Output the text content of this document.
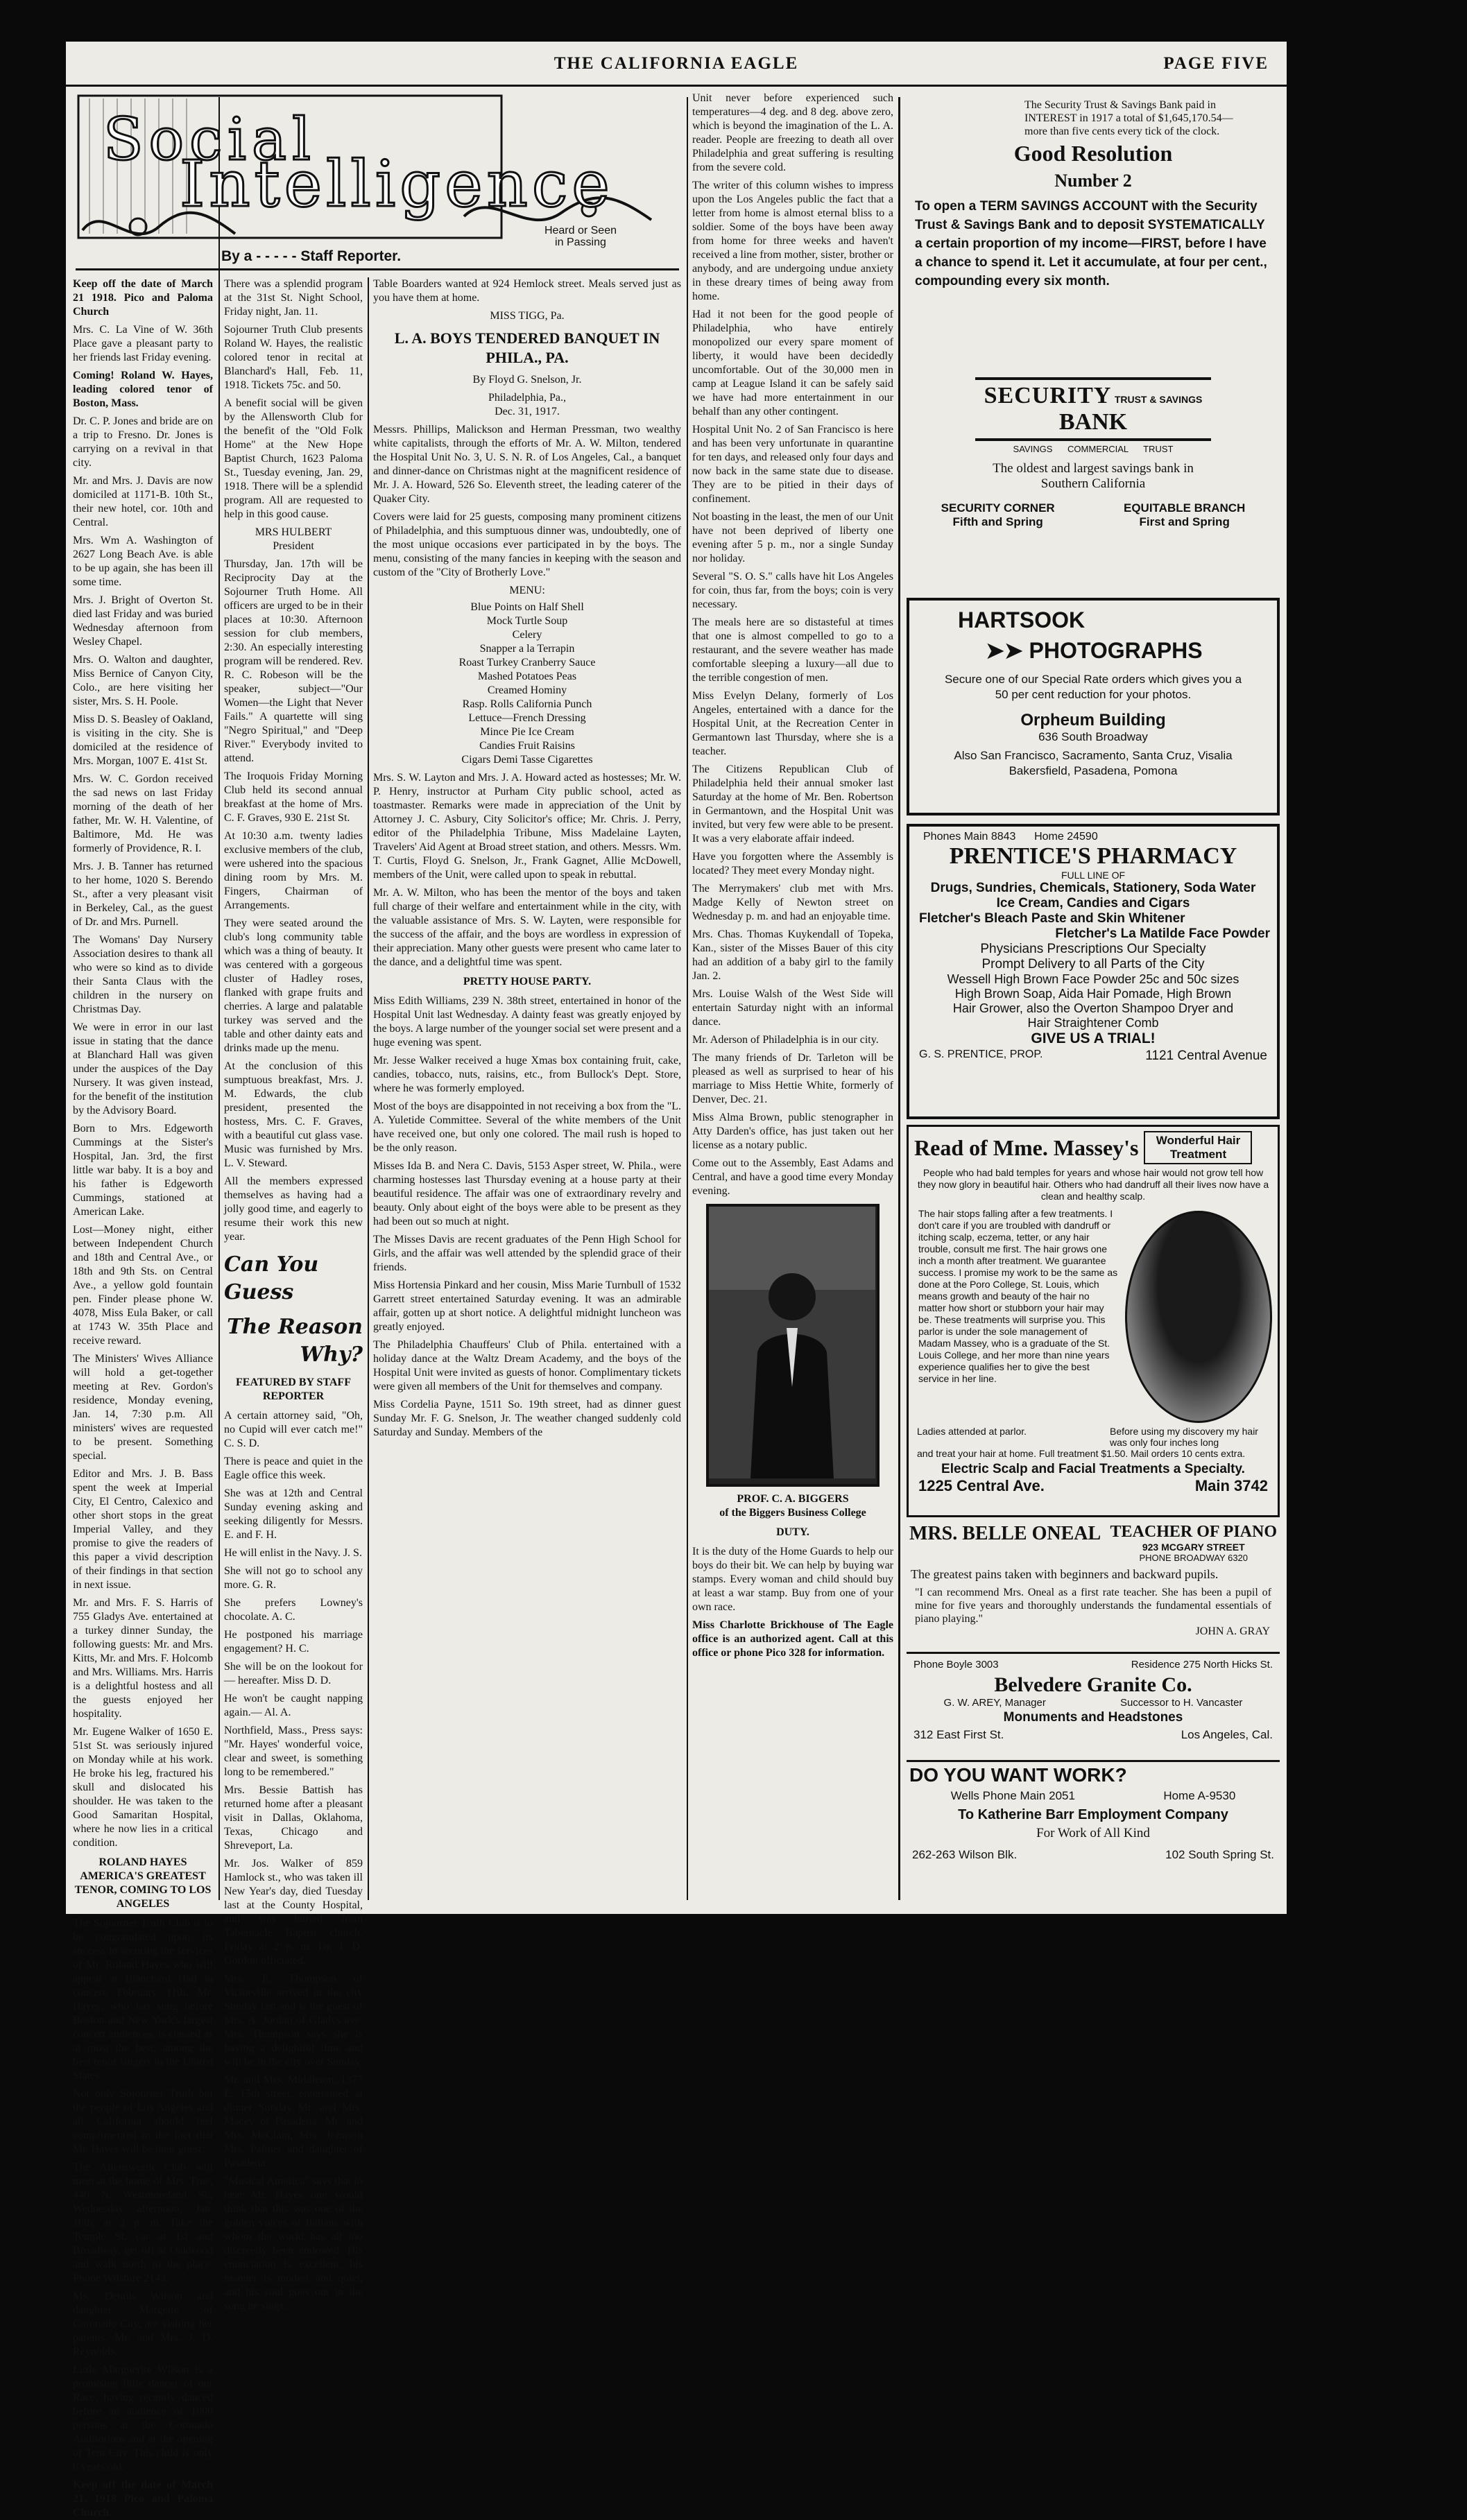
THE CALIFORNIA EAGLE	PAGE FIVE
Social
Intelligence
Heard or Seen
in Passing
By a - - - - - Staff Reporter.

Keep off the date of March 21 1918. Pico and Paloma Church

Mrs. C. La Vine of W. 36th Place gave a pleasant party to her friends last Friday evening.

Coming! Roland W. Hayes, leading colored tenor of Boston, Mass.

Dr. C. P. Jones and bride are on a trip to Fresno. Dr. Jones is carrying on a revival in that city.

Mr. and Mrs. J. Davis are now domiciled at 1171-B. 10th St., their new hotel, cor. 10th and Central.

Mrs. Wm A. Washington of 2627 Long Beach Ave. is able to be up again, she has been ill some time.

Mrs. J. Bright of Overton St. died last Friday and was buried Wednesday afternoon from Wesley Chapel.

Mrs. O. Walton and daughter, Miss Bernice of Canyon City, Colo., are here visiting her sister, Mrs. S. H. Poole.

Miss D. S. Beasley of Oakland, is visiting in the city. She is domiciled at the residence of Mrs. Morgan, 1007 E. 41st St.

Mrs. W. C. Gordon received the sad news on last Friday morning of the death of her father, Mr. W. H. Valentine, of Baltimore, Md. He was formerly of Providence, R. I.

Mrs. J. B. Tanner has returned to her home, 1020 S. Berendo St., after a very pleasant visit in Berkeley, Cal., as the guest of Dr. and Mrs. Purnell.

The Womans' Day Nursery Association desires to thank all who were so kind as to divide their Santa Claus with the children in the nursery on Christmas Day.

We were in error in our last issue in stating that the dance at Blanchard Hall was given under the auspices of the Day Nursery. It was given instead, for the benefit of the institution by the Advisory Board.

Born to Mrs. Edgeworth Cummings at the Sister's Hospital, Jan. 3rd, the first little war baby. It is a boy and his father is Edgeworth Cummings, stationed at American Lake.

Lost—Money night, either between Independent Church and 18th and Central Ave., or 18th and 9th Sts. on Central Ave., a yellow gold fountain pen. Finder please phone W. 4078, Miss Eula Baker, or call at 1743 W. 35th Place and receive reward.

The Ministers' Wives Alliance will hold a get-together meeting at Rev. Gordon's residence, Monday evening, Jan. 14, 7:30 p.m. All ministers' wives are requested to be present. Something special.

Editor and Mrs. J. B. Bass spent the week at Imperial City, El Centro, Calexico and other short stops in the great Imperial Valley, and they promise to give the readers of this paper a vivid description of their findings in that section in next issue.

Mr. and Mrs. F. S. Harris of 755 Gladys Ave. entertained at a turkey dinner Sunday, the following guests: Mr. and Mrs. Kitts, Mr. and Mrs. F. Holcomb and Mrs. Williams. Mrs. Harris is a delightful hostess and all the guests enjoyed her hospitality.

Mr. Eugene Walker of 1650 E. 51st St. was seriously injured on Monday while at his work. He broke his leg, fractured his skull and dislocated his shoulder. He was taken to the Good Samaritan Hospital, where he now lies in a critical condition.

ROLAND HAYES AMERICA'S GREATEST TENOR, COMING TO LOS ANGELES

The Sojourner Truth Club is to be congratulated upon its success in securing the services of Mr. Roland Hayes who will appear at Blanchard Hall in concert, February 11th. Mr. Hayes, who has sung before Boston and New York's largest concert audiences, is classed as at most the best, among the best tenor singers in the United States.

Not only Sojourner Truth but the people of Los Angeles and all California should feel complimented in the fact that Mr. Hayes will be their guest.

The Allensworth Club will meet at the home of Mrs. True, 440 N. Westmoreland St., Wednesday afternoon, Jan. 16th, at 2 p. m. Take the Temple St. car at 1st and Broadway, get off at Oakwood and walk north to the place. Phone Wilshire 2143.

Ms. Dennis Wilson and daughter, Margette of Coronado City, are visiting her parents, Mr. and Mrs. J. D. Reynolds.

Little Marguerite Wilson is a promising little dancer of our Race, having recently danced before an audience of 1000 persons at the Coronado Auditorium and at the opening of Tent City. This child is only 6 years old.

Keep off the date of March 21, 1918 Pico and Paloma Church.

There was a splendid program at the 31st St. Night School, Friday night, Jan. 11.

Sojourner Truth Club presents Roland W. Hayes, the realistic colored tenor in recital at Blanchard's Hall, Feb. 11, 1918. Tickets 75c. and 50.

A benefit social will be given by the Allensworth Club for the benefit of the "Old Folk Home" at the New Hope Baptist Church, 1623 Paloma St., Tuesday evening, Jan. 29, 1918. There will be a splendid program. All are requested to help in this good cause.

MRS HULBERT

President

Thursday, Jan. 17th will be Reciprocity Day at the Sojourner Truth Home. All officers are urged to be in their places at 10:30. Afternoon session for club members, 2:30. An especially interesting program will be rendered. Rev. R. C. Robeson will be the speaker, subject—"Our Women—the Light that Never Fails." A quartette will sing "Negro Spiritual," and "Deep River." Everybody invited to attend.

The Iroquois Friday Morning Club held its second annual breakfast at the home of Mrs. C. F. Graves, 930 E. 21st St.

At 10:30 a.m. twenty ladies exclusive members of the club, were ushered into the spacious dining room by Mrs. M. Fingers, Chairman of Arrangements.

They were seated around the club's long community table which was a thing of beauty. It was centered with a gorgeous cluster of Hadley roses, flanked with grape fruits and cherries. A large and palatable turkey was served and the table and other dainty eats and drinks made up the menu.

At the conclusion of this sumptuous breakfast, Mrs. J. M. Edwards, the club president, presented the hostess, Mrs. C. F. Graves, with a beautiful cut glass vase. Music was furnished by Mrs. L. V. Steward.

All the members expressed themselves as having had a jolly good time, and eagerly to resume their work this new year.

Can You Guess
The Reason Why?
FEATURED BY STAFF REPORTER

A certain attorney said, "Oh, no Cupid will ever catch me!" C. S. D.

There is peace and quiet in the Eagle office this week.

She was at 12th and Central Sunday evening asking and seeking diligently for Messrs. E. and F. H.

He will enlist in the Navy. J. S.

She will not go to school any more. G. R.

She prefers Lowney's chocolate. A. C.

He postponed his marriage engagement? H. C.

She will be on the lookout for— hereafter. Miss D. D.

He won't be caught napping again.— Al. A.

Northfield, Mass., Press says: "Mr. Hayes' wonderful voice, clear and sweet, is something long to be remembered."

Mrs. Bessie Battish has returned home after a pleasant visit in Dallas, Oklahoma, Texas, Chicago and Shreveport, La.

Mr. Jos. Walker of 859 Hamlock st., who was taken ill New Year's day, died Tuesday last at the County Hospital, and was buried from Tabernacle Baptist church, Friday at 2 p. m. Dr. J. D. Gordon officiated.

Mrs. E. Thompson of Victorville arrived in the city Sunday last and is the guest of Mrs. A. Jordan of Gladys ave. Mrs. Thompson says she is having a delightful time and will be in the city over Sunday.

Mr. and Mrs. Middleton, 1377 E. 15th street, entertained at dinner Sunday Mr. and Mrs. Macey of Pasadena, Mr. and Mrs. McClain, Mrs. Johnson Mrs. Palmer and daughter of Pasadena.

"Musical America" says that to hear Mr. Hayes one would think that this was one of the golden voices of Italians with whom the world has all too discreetly been endowed. His enunciation is excellent, his manner is modest and quiet, and his soul goes out in the song he sings.

Table Boarders wanted at 924 Hemlock street. Meals served just as you have them at home.

MISS TIGG, Pa.

L. A. BOYS TENDERED BANQUET IN PHILA., PA.

By Floyd G. Snelson, Jr.

Philadelphia, Pa.,

Dec. 31, 1917.

Messrs. Phillips, Malickson and Herman Pressman, two wealthy white capitalists, through the efforts of Mr. A. W. Milton, tendered the Hospital Unit No. 3, U. S. N. R. of Los Angeles, Cal., a banquet and dinner-dance on Christmas night at the magnificent residence of Mr. J. A. Howard, 526 So. Eleventh street, the leading caterer of the Quaker City.

Covers were laid for 25 guests, composing many prominent citizens of Philadelphia, and this sumptuous dinner was, undoubtedly, one of the most unique occasions ever participated in by the boys. The menu, consisting of the many fancies in keeping with the season and custom of the "City of Brotherly Love."

MENU:

Blue Points on Half Shell

Mock Turtle Soup

Celery

Snapper a la Terrapin

Roast Turkey Cranberry Sauce

Mashed Potatoes Peas

Creamed Hominy

Rasp. Rolls California Punch

Lettuce—French Dressing

Mince Pie Ice Cream

Candies Fruit Raisins

Cigars Demi Tasse Cigarettes

Mrs. S. W. Layton and Mrs. J. A. Howard acted as hostesses; Mr. W. P. Henry, instructor at Purham City public school, acted as toastmaster. Remarks were made in appreciation of the Unit by Attorney J. C. Asbury, City Solicitor's office; Mr. Chris. J. Perry, editor of the Philadelphia Tribune, Miss Madelaine Layten, Travelers' Aid Agent at Broad street station, and others. Messrs. Wm. T. Curtis, Floyd G. Snelson, Jr., Frank Gagnet, Allie McDowell, members of the Unit, were called upon to speak in rebuttal.

Mr. A. W. Milton, who has been the mentor of the boys and taken full charge of their welfare and entertainment while in the city, with the valuable assistance of Mrs. S. W. Layten, were responsible for the success of the affair, and the boys are wordless in expression of their appreciation. Many other guests were present who came later to the dance, and a delightful time was spent.

PRETTY HOUSE PARTY.

Miss Edith Williams, 239 N. 38th street, entertained in honor of the Hospital Unit last Wednesday. A dainty feast was greatly enjoyed by the boys. A large number of the younger social set were present and a huge evening was spent.

Mr. Jesse Walker received a huge Xmas box containing fruit, cake, candies, tobacco, nuts, raisins, etc., from Bullock's Dept. Store, where he was formerly employed.

Most of the boys are disappointed in not receiving a box from the "L. A. Yuletide Committee. Several of the white members of the Unit have received one, but only one colored. The mail rush is hoped to be the only reason.

Misses Ida B. and Nera C. Davis, 5153 Asper street, W. Phila., were charming hostesses last Thursday evening at a house party at their beautiful residence. The affair was one of extraordinary revelry and beauty. Only about eight of the boys were able to be present as they had been out so much at night.

The Misses Davis are recent graduates of the Penn High School for Girls, and the affair was well attended by the splendid grace of their friends.

Miss Hortensia Pinkard and her cousin, Miss Marie Turnbull of 1532 Garrett street entertained Saturday evening. It was an admirable affair, gotten up at short notice. A delightful midnight luncheon was greatly enjoyed.

The Philadelphia Chauffeurs' Club of Phila. entertained with a holiday dance at the Waltz Dream Academy, and the boys of the Hospital Unit were invited as guests of honor. Complimentary tickets were given all members of the Unit for themselves and company.

Miss Cordelia Payne, 1511 So. 19th street, had as dinner guest Sunday Mr. F. G. Snelson, Jr. The weather changed suddenly cold Saturday and Sunday. Members of the

Unit never before experienced such temperatures—4 deg. and 8 deg. above zero, which is beyond the imagination of the L. A. reader. People are freezing to death all over Philadelphia and great suffering is resulting from the severe cold.

The writer of this column wishes to impress upon the Los Angeles public the fact that a letter from home is almost eternal bliss to a soldier. Some of the boys have been away from home for three weeks and haven't received a line from mother, sister, brother or anybody, and are undergoing undue anxiety in these dreary times of being away from home.

Had it not been for the good people of Philadelphia, who have entirely monopolized our every spare moment of liberty, it would have been decidedly uncomfortable. Out of the 30,000 men in camp at League Island it can be safely said we have had more entertainment in our behalf than any other contingent.

Hospital Unit No. 2 of San Francisco is here and has been very unfortunate in quarantine for ten days, and released only four days and now back in the same state due to disease. They are to be pitied in their days of confinement.

Not boasting in the least, the men of our Unit have not been deprived of liberty one evening after 5 p. m., nor a single Sunday nor holiday.

Several "S. O. S." calls have hit Los Angeles for coin, thus far, from the boys; coin is very necessary.

The meals here are so distasteful at times that one is almost compelled to go to a restaurant, and the severe weather has made comfortable sleeping a luxury—all due to the terrible congestion of men.

Miss Evelyn Delany, formerly of Los Angeles, entertained with a dance for the Hospital Unit, at the Recreation Center in Germantown last Thursday, where she is a teacher.

The Citizens Republican Club of Philadelphia held their annual smoker last Saturday at the home of Mr. Ben. Robertson in Germantown, and the Hospital Unit was invited, but very few were able to be present. It was a very elaborate affair indeed.

Have you forgotten where the Assembly is located? They meet every Monday night.

The Merrymakers' club met with Mrs. Madge Kelly of Newton street on Wednesday p. m. and had an enjoyable time.

Mrs. Chas. Thomas Kuykendall of Topeka, Kan., sister of the Misses Bauer of this city had an addition of a baby girl to the family Jan. 2.

Mrs. Louise Walsh of the West Side will entertain Saturday night with an informal dance.

Mr. Aderson of Philadelphia is in our city.

The many friends of Dr. Tarleton will be pleased as well as surprised to hear of his marriage to Miss Hettie White, formerly of Denver, Dec. 21.

Miss Alma Brown, public stenographer in Atty Darden's office, has just taken out her license as a notary public.

Come out to the Assembly, East Adams and Central, and have a good time every Monday evening.

PROF. C. A. BIGGERS

of the Biggers Business College

DUTY.

It is the duty of the Home Guards to help our boys do their bit. We can help by buying war stamps. Every woman and child should buy at least a war stamp. Buy from one of your own race.

Miss Charlotte Brickhouse of The Eagle office is an authorized agent. Call at this office or phone Pico 328 for information.

The Security Trust & Savings Bank paid in INTEREST in 1917 a total of $1,645,170.54—more than five cents every tick of the clock.
Good Resolution
Number 2
To open a TERM SAVINGS ACCOUNT with the Security Trust & Savings Bank and to deposit SYSTEMATICALLY a certain proportion of my income—FIRST, before I have a chance to spend it. Let it accumulate, at four per cent., compounding every six month.
SECURITY TRUST & SAVINGS BANK
SAVINGS      COMMERCIAL      TRUST
The oldest and largest savings bank in Southern California
SECURITY CORNER
Fifth and Spring
EQUITABLE BRANCH
First and Spring
HARTSOOK
➤➤ PHOTOGRAPHS
Secure one of our Special Rate orders which gives you a 50 per cent reduction for your photos.
Orpheum Building
636 South Broadway
Also San Francisco, Sacramento, Santa Cruz, Visalia Bakersfield, Pasadena, Pomona
Phones Main 8843      Home 24590
PRENTICE'S PHARMACY
FULL LINE OF
Drugs, Sundries, Chemicals, Stationery, Soda Water
Ice Cream, Candies and Cigars
Fletcher's Bleach Paste and Skin Whitener
Fletcher's La Matilde Face Powder
Physicians Prescriptions Our Specialty
Prompt Delivery to all Parts of the City
Wessell High Brown Face Powder 25c and 50c sizes
High Brown Soap, Aida Hair Pomade, High Brown
Hair Grower, also the Overton Shampoo Dryer and
Hair Straightener Comb
GIVE US A TRIAL!
G. S. PRENTICE, PROP.	1121 Central Avenue
Read of Mme. Massey's	Wonderful Hair Treatment
People who had bald temples for years and whose hair would not grow tell how they now glory in beautiful hair. Others who had dandruff all their lives now have a clean and healthy scalp.
The hair stops falling after a few treatments. I don't care if you are troubled with dandruff or itching scalp, eczema, tetter, or any hair trouble, consult me first. The hair grows one inch a month after treatment. We guarantee success. I promise my work to be the same as done at the Poro College, St. Louis, which means growth and beauty of the hair no matter how short or stubborn your hair may be. These treatments will surprise you. This parlor is under the sole management of Madam Massey, who is a graduate of the St. Louis College, and her more than nine years experience qualifies her to give the best service in her line.
Ladies attended at parlor.	Before using my discovery my hair was only four inches long
and treat your hair at home. Full treatment $1.50. Mail orders 10 cents extra.
Electric Scalp and Facial Treatments a Specialty.
1225 Central Ave.	Main 3742
MRS. BELLE ONEAL TEACHER OF PIANO
923 MCGARY STREET
PHONE BROADWAY 6320
The greatest pains taken with beginners and backward pupils.
"I can recommend Mrs. Oneal as a first rate teacher. She has been a pupil of mine for five years and thoroughly understands the fundamental essentials of piano playing."
JOHN A. GRAY
Phone Boyle 3003	Residence 275 North Hicks St.
Belvedere Granite Co.
G. W. AREY, Manager	Successor to H. Vancaster
Monuments and Headstones
312 East First St.	Los Angeles, Cal.
DO YOU WANT WORK?
Wells Phone Main 2051	Home A-9530
To Katherine Barr Employment Company
For Work of All Kind
262-263 Wilson Blk.	102 South Spring St.
